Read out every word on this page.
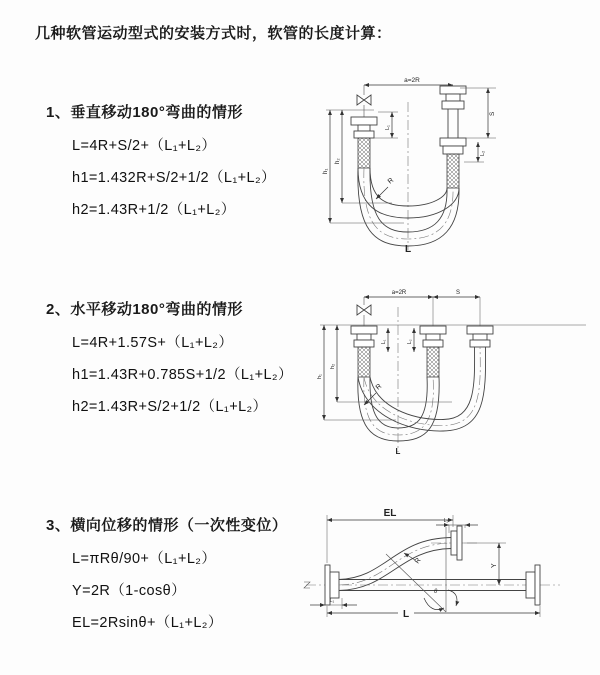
几种软管运动型式的安装方式时，软管的长度计算：
1、垂直移动180°弯曲的情形
L=4R+S/2+（L₁+L₂）
h1=1.432R+S/2+1/2（L₁+L₂）
h2=1.43R+1/2（L₁+L₂）
2、水平移动180°弯曲的情形
L=4R+1.57S+（L₁+L₂）
h1=1.43R+0.785S+1/2（L₁+L₂）
h2=1.43R+S/2+1/2（L₁+L₂）
3、横向位移的情形（一次性变位）
L=πRθ/90+（L₁+L₂）
Y=2R（1-cosθ）
EL=2Rsinθ+（L₁+L₂）
a=2R
h₁
h₂
L₁
S
L₂
R
L
a=2R	S
h₁
h₂
L₁	L₂
R
L
EL
L₂
θ
R
Y
L₁
L
